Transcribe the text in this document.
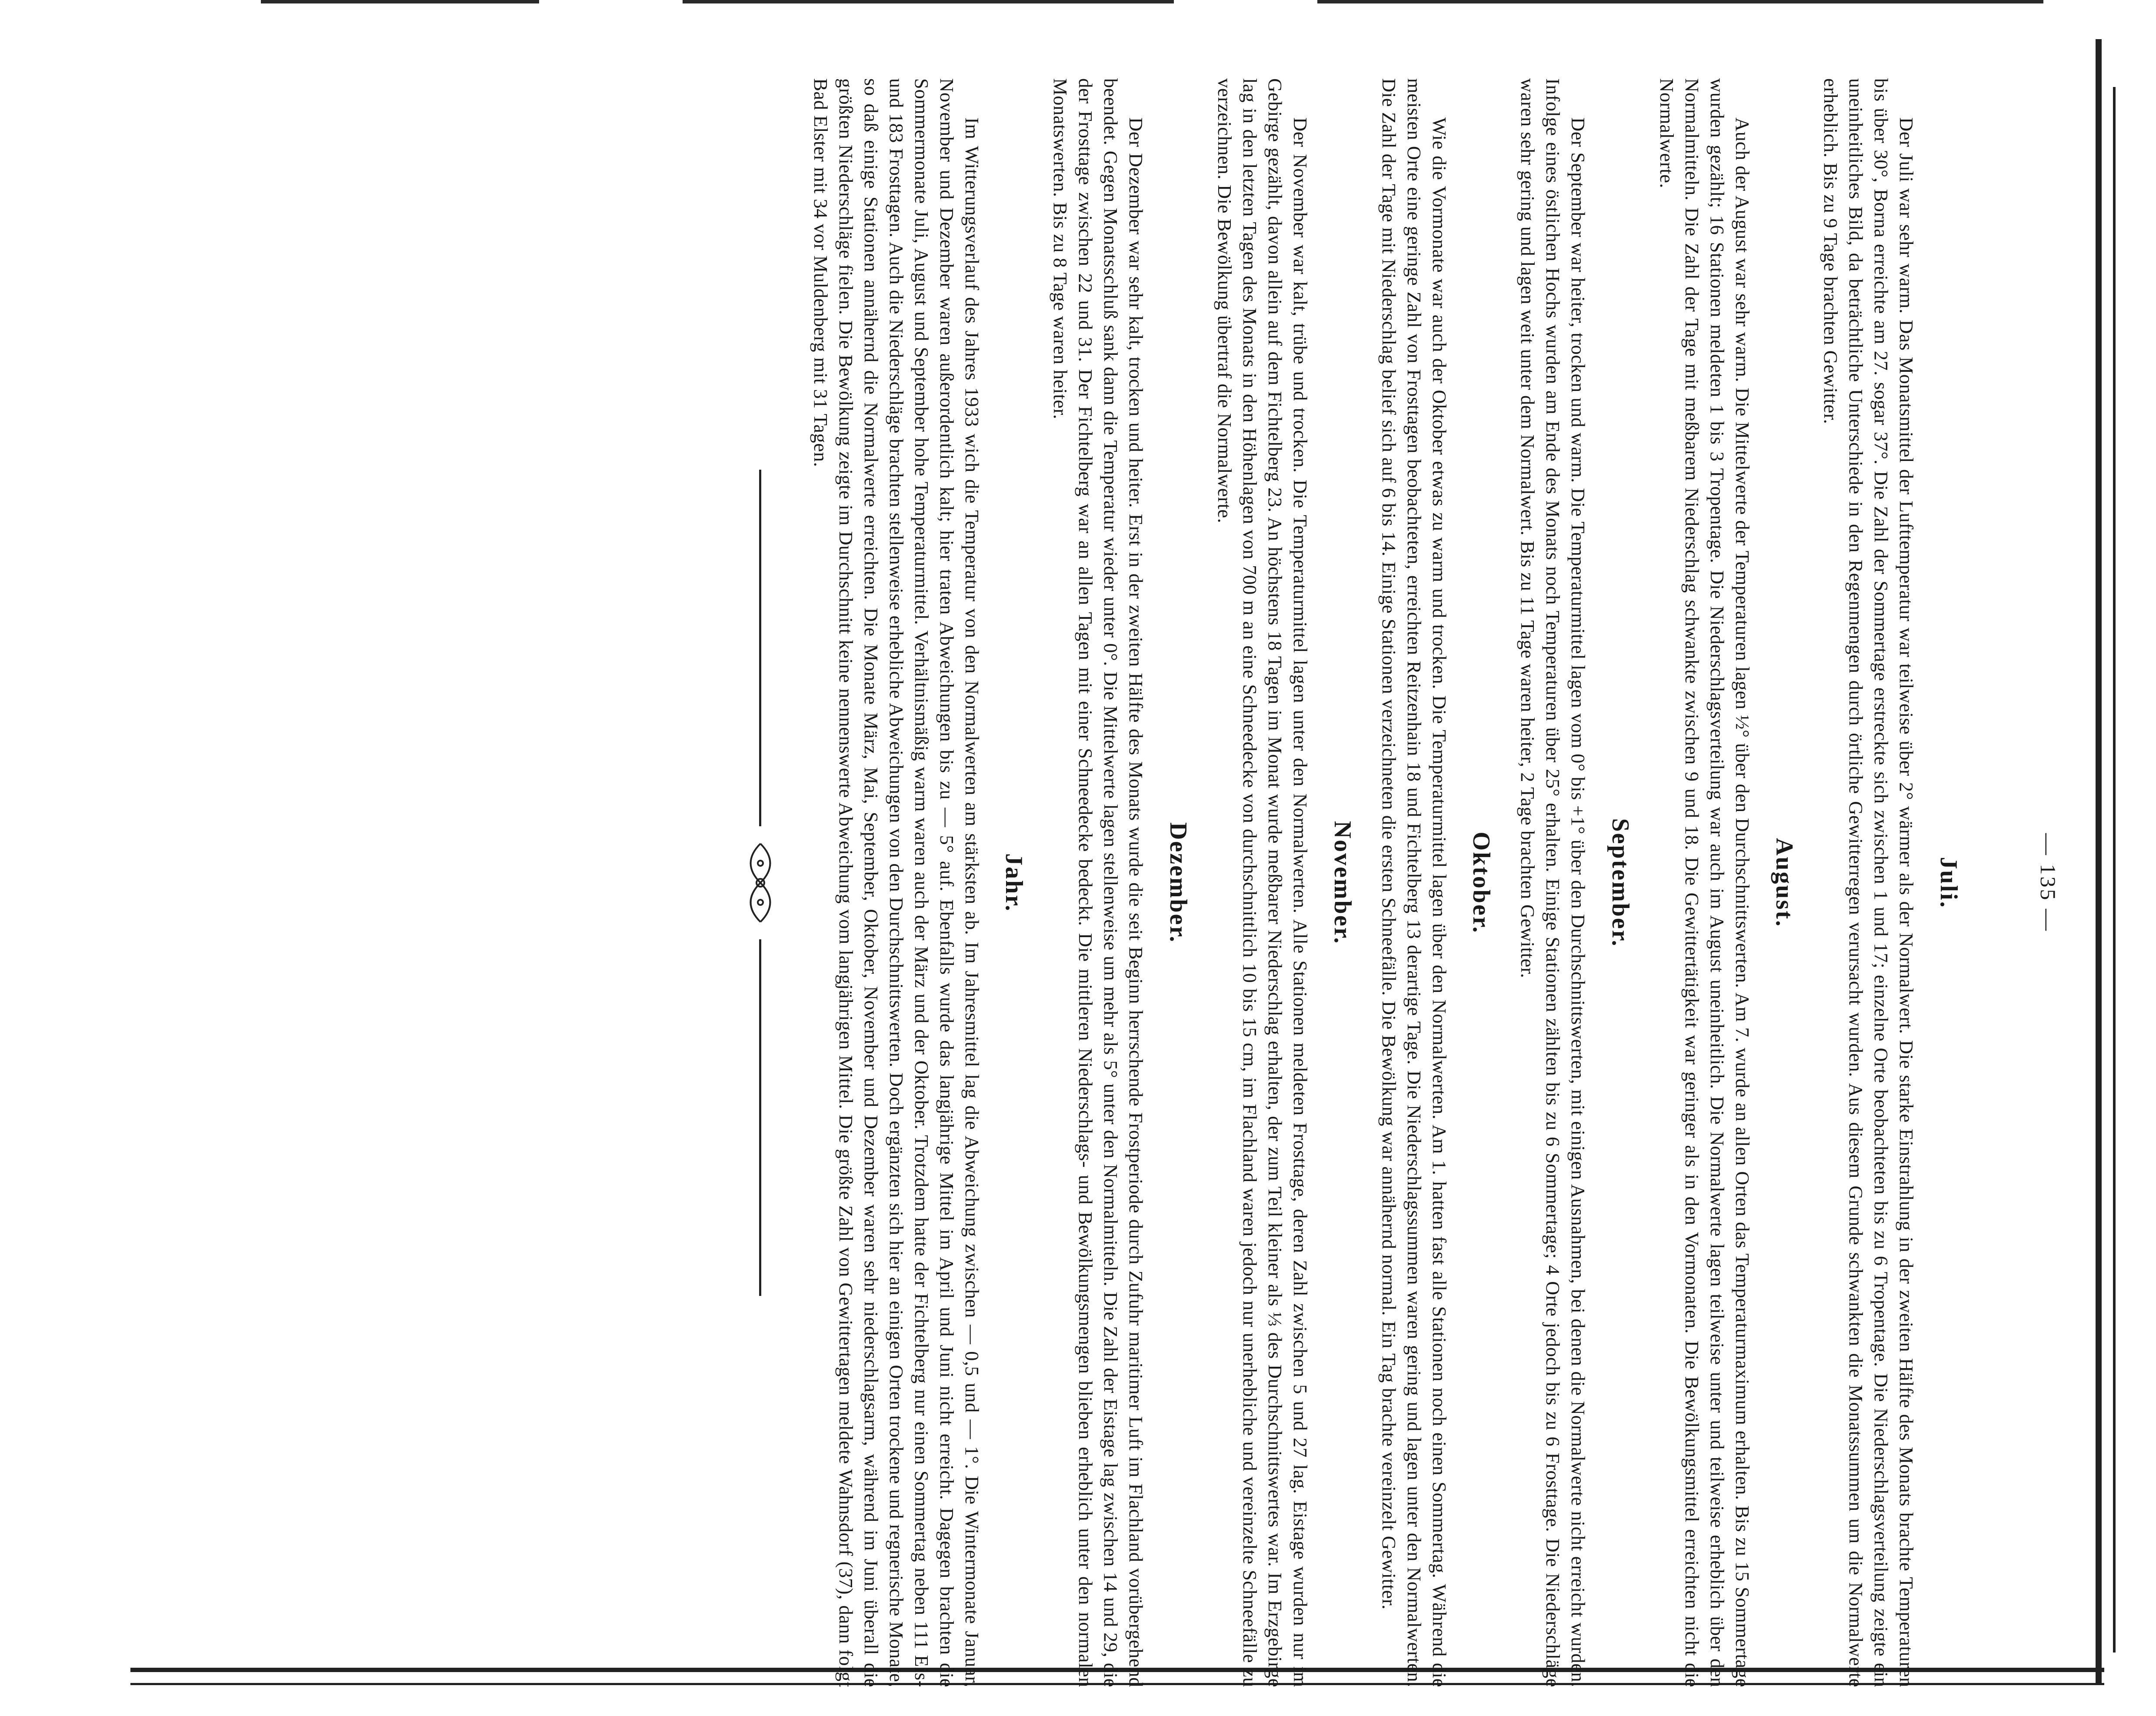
— 135 —
Juli.

Der Juli war sehr warm. Das Monatsmittel der Lufttemperatur war teilweise über 2° wärmer als der Normalwert. Die starke Einstrahlung in der zweiten Hälfte des Monats brachte Temperaturen bis über 30°, Borna erreichte am 27. sogar 37°. Die Zahl der Sommertage erstreckte sich zwischen 1 und 17; einzelne Orte beobachteten bis zu 6 Tropentage. Die Niederschlagsverteilung zeigte ein uneinheitliches Bild, da beträchtliche Unterschiede in den Regenmengen durch örtliche Gewitterregen verursacht wurden. Aus diesem Grunde schwankten die Monatssummen um die Normalwerte erheblich. Bis zu 9 Tage brachten Gewitter.

August.

Auch der August war sehr warm. Die Mittelwerte der Temperaturen lagen ½° über den Durchschnittswerten. Am 7. wurde an allen Orten das Temperaturmaximum erhalten. Bis zu 15 Sommertage wurden gezählt; 16 Stationen meldeten 1 bis 3 Tropentage. Die Niederschlagsverteilung war auch im August uneinheitlich. Die Normalwerte lagen teilweise unter und teilweise erheblich über den Normalmitteln. Die Zahl der Tage mit meßbarem Niederschlag schwankte zwischen 9 und 18. Die Gewittertätigkeit war geringer als in den Vormonaten. Die Bewölkungsmittel erreichten nicht die Normalwerte.

September.

Der September war heiter, trocken und warm. Die Temperaturmittel lagen vom 0° bis +1° über den Durchschnittswerten, mit einigen Ausnahmen, bei denen die Normalwerte nicht erreicht wurden. Infolge eines östlichen Hochs wurden am Ende des Monats noch Temperaturen über 25° erhalten. Einige Stationen zählten bis zu 6 Sommertage; 4 Orte jedoch bis zu 6 Frosttage. Die Niederschläge waren sehr gering und lagen weit unter dem Normalwert. Bis zu 11 Tage waren heiter, 2 Tage brachten Gewitter.

Oktober.

Wie die Vormonate war auch der Oktober etwas zu warm und trocken. Die Temperaturmittel lagen über den Normalwerten. Am 1. hatten fast alle Stationen noch einen Sommertag. Während die meisten Orte eine geringe Zahl von Frosttagen beobachteten, erreichten Reitzenhain 18 und Fichtelberg 13 derartige Tage. Die Niederschlagssummen waren gering und lagen unter den Normalwerten. Die Zahl der Tage mit Niederschlag belief sich auf 6 bis 14. Einige Stationen verzeichneten die ersten Schneefälle. Die Bewölkung war annähernd normal. Ein Tag brachte vereinzelt Gewitter.

November.

Der November war kalt, trübe und trocken. Die Temperaturmittel lagen unter den Normalwerten. Alle Stationen meldeten Frosttage, deren Zahl zwischen 5 und 27 lag. Eistage wurden nur im Gebirge gezählt, davon allein auf dem Fichtelberg 23. An höchstens 18 Tagen im Monat wurde meßbarer Niederschlag erhalten, der zum Teil kleiner als ⅓ des Durchschnittswertes war. Im Erzgebirge lag in den letzten Tagen des Monats in den Höhenlagen von 700 m an eine Schneedecke von durchschnittlich 10 bis 15 cm, im Flachland waren jedoch nur unerhebliche und vereinzelte Schneefälle zu verzeichnen. Die Bewölkung übertraf die Normalwerte.

Dezember.

Der Dezember war sehr kalt, trocken und heiter. Erst in der zweiten Hälfte des Monats wurde die seit Beginn herrschende Frostperiode durch Zufuhr maritimer Luft im Flachland vorübergehend beendet. Gegen Monatsschluß sank dann die Temperatur wieder unter 0°. Die Mittelwerte lagen stellenweise um mehr als 5° unter den Normalmitteln. Die Zahl der Eistage lag zwischen 14 und 29, die der Frosttage zwischen 22 und 31. Der Fichtelberg war an allen Tagen mit einer Schneedecke bedeckt. Die mittleren Niederschlags- und Bewölkungsmengen blieben erheblich unter den normalen Monatswerten. Bis zu 8 Tage waren heiter.

Jahr.

Im Witterungsverlauf des Jahres 1933 wich die Temperatur von den Normalwerten am stärksten ab. Im Jahresmittel lag die Abweichung zwischen — 0,5 und — 1°. Die Wintermonate Januar, November und Dezember waren außerordentlich kalt; hier traten Abweichungen bis zu — 5° auf. Ebenfalls wurde das langjährige Mittel im April und Juni nicht erreicht. Dagegen brachten die Sommermonate Juli, August und September hohe Temperaturmittel. Verhältnismäßig warm waren auch der März und der Oktober. Trotzdem hatte der Fichtelberg nur einen Sommertag neben 111 Eis- und 183 Frosttagen. Auch die Niederschläge brachten stellenweise erhebliche Abweichungen von den Durchschnittswerten. Doch ergänzten sich hier an einigen Orten trockene und regnerische Monate, so daß einige Stationen annähernd die Normalwerte erreichten. Die Monate März, Mai, September, Oktober, November und Dezember waren sehr niederschlagsarm, während im Juni überall die größten Niederschläge fielen. Die Bewölkung zeigte im Durchschnitt keine nennenswerte Abweichung vom langjährigen Mittel. Die größte Zahl von Gewittertagen meldete Wahnsdorf (37), dann folgt Bad Elster mit 34 vor Muldenberg mit 31 Tagen.
